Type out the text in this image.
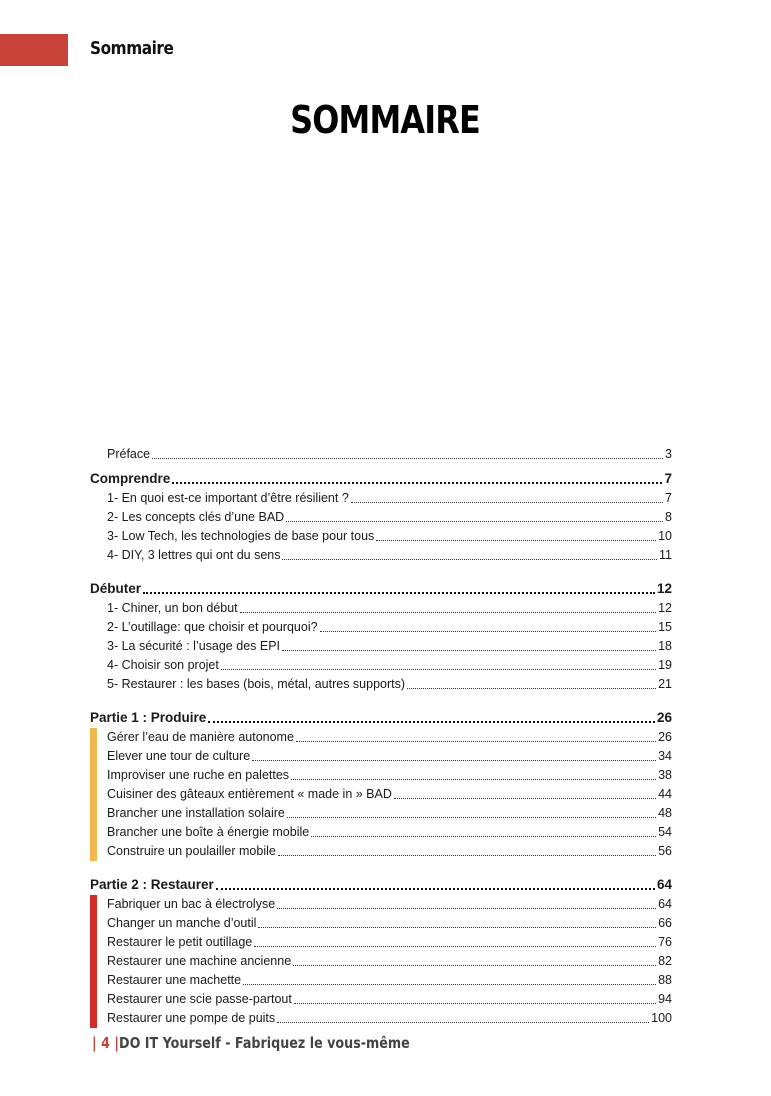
Sommaire
SOMMAIRE
Préface	3
Comprendre	7
1- En quoi est-ce important d’être résilient ?	7
2- Les concepts clés d’une BAD	8
3- Low Tech, les technologies de base pour tous	10
4- DIY, 3 lettres qui ont du sens	11
Débuter	12
1- Chiner, un bon début	12
2- L’outillage: que choisir et pourquoi?	15
3- La sécurité : l’usage des EPI	18
4- Choisir son projet	19
5- Restaurer : les bases (bois, métal, autres supports)	21
Partie 1 : Produire	26
Gérer l’eau de manière autonome	26
Elever une tour de culture	34
Improviser une ruche en palettes	38
Cuisiner des gâteaux entièrement « made in » BAD	44
Brancher une installation solaire	48
Brancher une boîte à énergie mobile	54
Construire un poulailler mobile	56
Partie 2 : Restaurer	64
Fabriquer un bac à électrolyse	64
Changer un manche d’outil	66
Restaurer le petit outillage	76
Restaurer une machine ancienne	82
Restaurer une machette	88
Restaurer une scie passe-partout	94
Restaurer une pompe de puits	100
| 4 |DO IT Yourself - Fabriquez le vous-même
